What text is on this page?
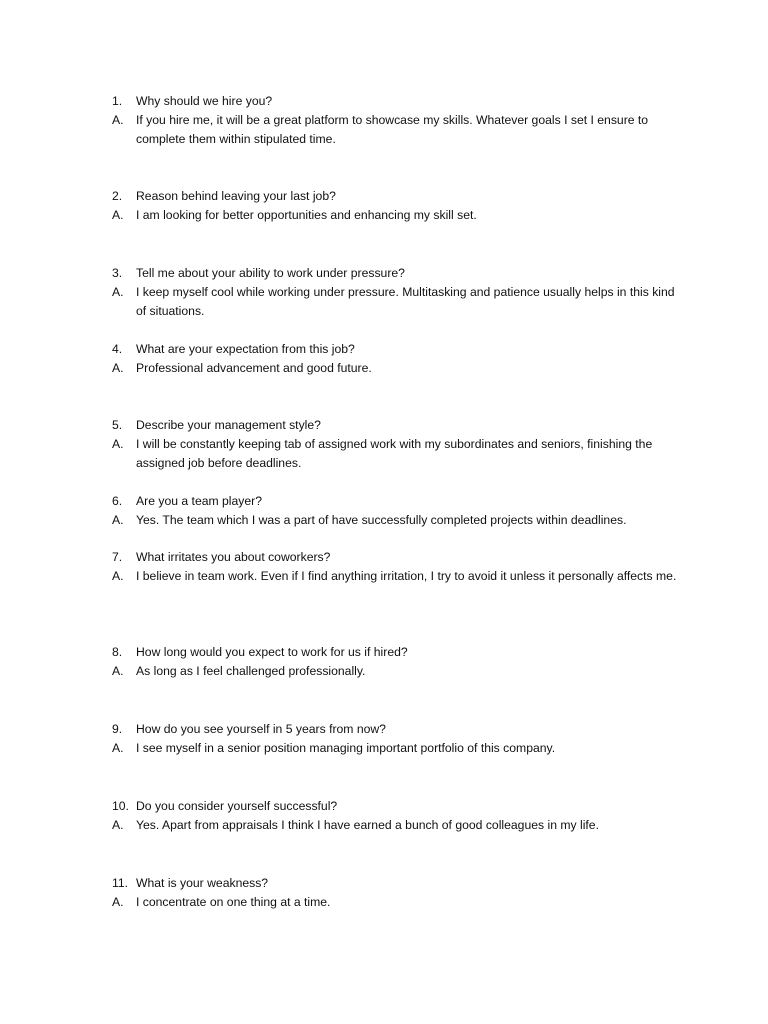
1. Why should we hire you?
A. If you hire me, it will be a great platform to showcase my skills. Whatever goals I set I ensure to complete them within stipulated time.
2. Reason behind leaving your last job?
A. I am looking for better opportunities and enhancing my skill set.
3. Tell me about your ability to work under pressure?
A. I keep myself cool while working under pressure. Multitasking and patience usually helps in this kind of situations.
4. What are your expectation from this job?
A. Professional advancement and good future.
5. Describe your management style?
A. I will be constantly keeping tab of assigned work with my subordinates and seniors, finishing the assigned job before deadlines.
6. Are you a team player?
A. Yes. The team which I was a part of have successfully completed projects within deadlines.
7. What irritates you about coworkers?
A. I believe in team work. Even if I find anything irritation, I try to avoid it unless it personally affects me.
8. How long would you expect to work for us if hired?
A. As long as I feel challenged professionally.
9. How do you see yourself in 5 years from now?
A. I see myself in a senior position managing important portfolio of this company.
10. Do you consider yourself successful?
A. Yes. Apart from appraisals I think I have earned a bunch of good colleagues in my life.
11. What is your weakness?
A. I concentrate on one thing at a time.
